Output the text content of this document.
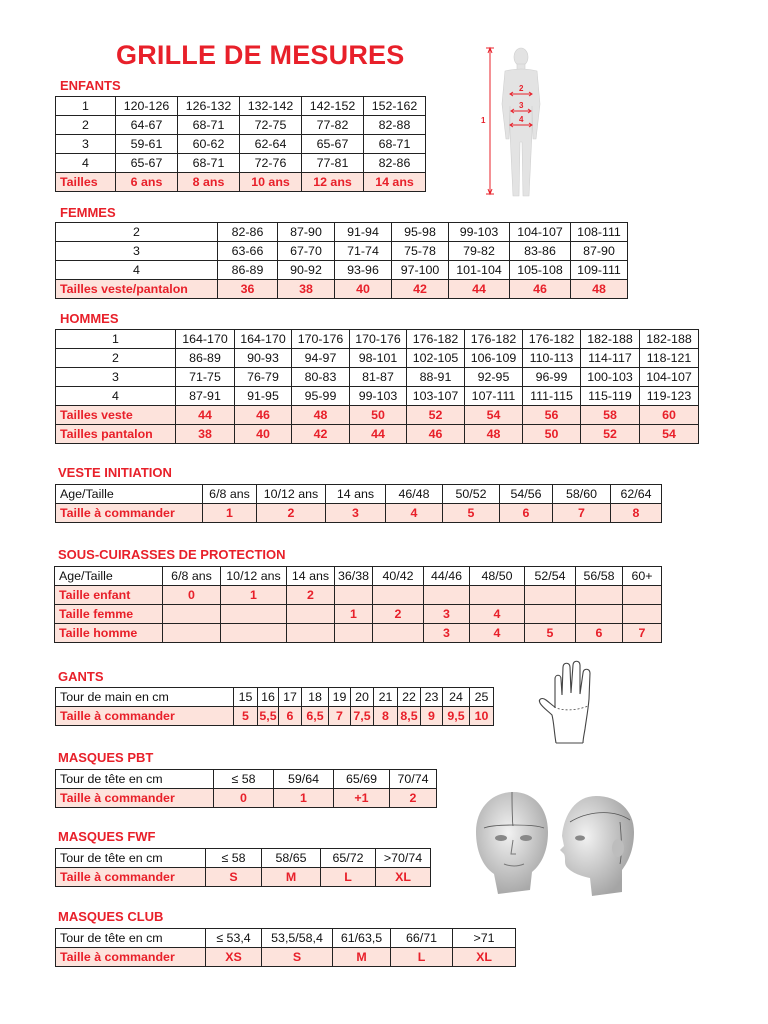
GRILLE DE MESURES
ENFANTS
FEMMES
HOMMES
VESTE INITIATION
SOUS-CUIRASSES DE PROTECTION
GANTS
MASQUES PBT
MASQUES FWF
MASQUES CLUB
1	120-126	126-132	132-142	142-152	152-162
2	64-67	68-71	72-75	77-82	82-88
3	59-61	60-62	62-64	65-67	68-71
4	65-67	68-71	72-76	77-81	82-86
Tailles	6 ans	8 ans	10 ans	12 ans	14 ans
2	82-86	87-90	91-94	95-98	99-103	104-107	108-111
3	63-66	67-70	71-74	75-78	79-82	83-86	87-90
4	86-89	90-92	93-96	97-100	101-104	105-108	109-111
Tailles veste/pantalon	36	38	40	42	44	46	48
1	164-170	164-170	170-176	170-176	176-182	176-182	176-182	182-188	182-188
2	86-89	90-93	94-97	98-101	102-105	106-109	110-113	114-117	118-121
3	71-75	76-79	80-83	81-87	88-91	92-95	96-99	100-103	104-107
4	87-91	91-95	95-99	99-103	103-107	107-111	111-115	115-119	119-123
Tailles veste	44	46	48	50	52	54	56	58	60
Tailles pantalon	38	40	42	44	46	48	50	52	54
Age/Taille	6/8 ans	10/12 ans	14 ans	46/48	50/52	54/56	58/60	62/64
Taille à commander	1	2	3	4	5	6	7	8
Age/Taille	6/8 ans	10/12 ans	14 ans	36/38	40/42	44/46	48/50	52/54	56/58	60+
Taille enfant	0	1	2							
Taille femme				1	2	3	4			
Taille homme						3	4	5	6	7
Tour de main en cm	15	16	17	18	19	20	21	22	23	24	25
Taille à commander	5	5,5	6	6,5	7	7,5	8	8,5	9	9,5	10
Tour de tête en cm	≤ 58	59/64	65/69	70/74
Taille à commander	0	1	+1	2
Tour de tête en cm	≤ 58	58/65	65/72	>70/74
Taille à commander	S	M	L	XL
Tour de tête en cm	≤ 53,4	53,5/58,4	61/63,5	66/71	>71
Taille à commander	XS	S	M	L	XL
1
2
3
4
